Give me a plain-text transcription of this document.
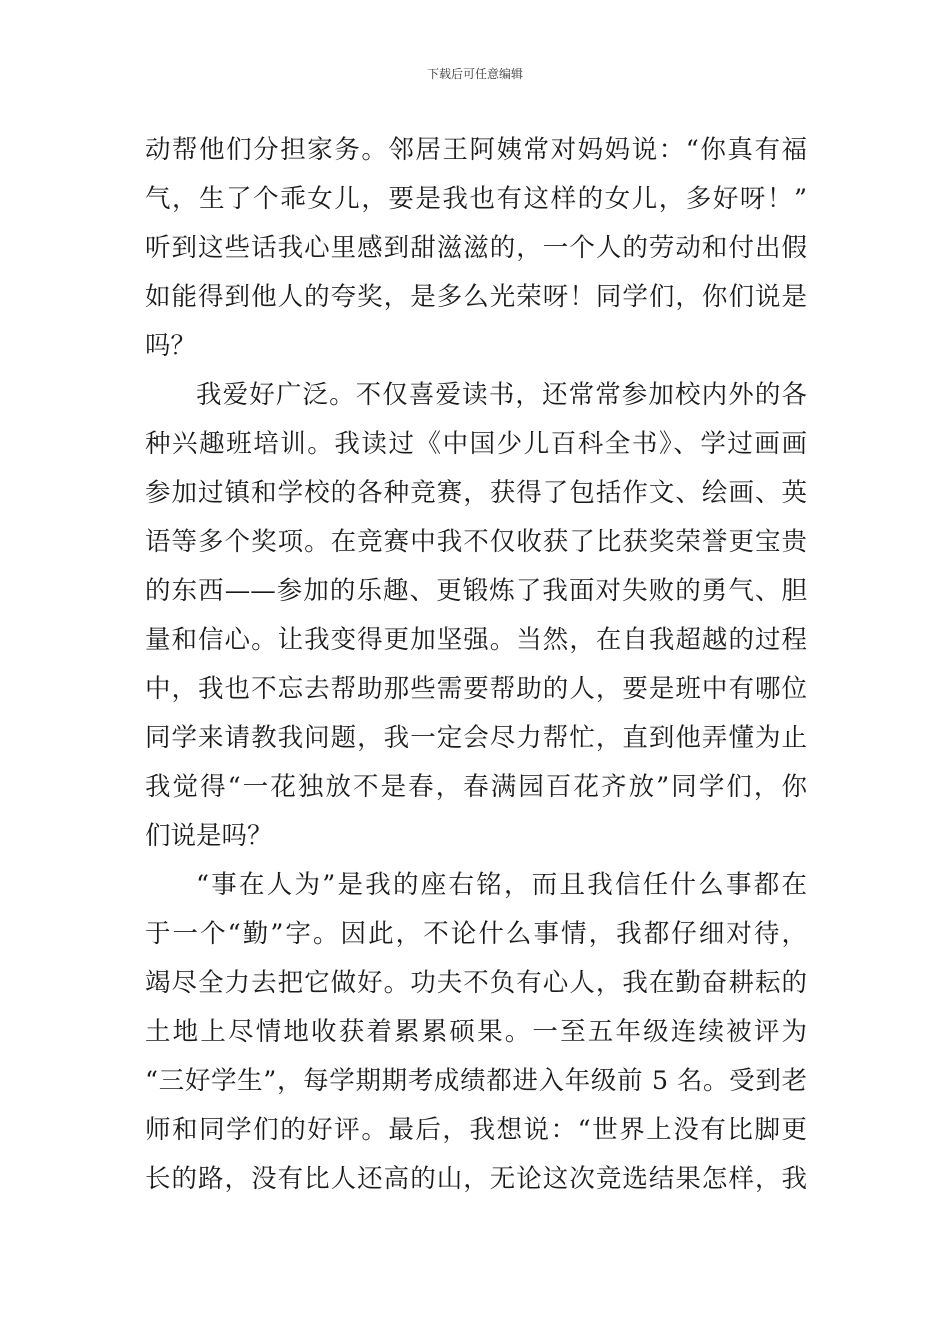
下载后可任意编辑
动帮他们分担家务。邻居王阿姨常对妈妈说：“你真有福
气，生了个乖女儿，要是我也有这样的女儿，多好呀！”
听到这些话我心里感到甜滋滋的，一个人的劳动和付出假
如能得到他人的夸奖，是多么光荣呀！同学们，你们说是
吗？
我爱好广泛。不仅喜爱读书，还常常参加校内外的各
种兴趣班培训。我读过《中国少儿百科全书》、学过画画
参加过镇和学校的各种竞赛，获得了包括作文、绘画、英
语等多个奖项。在竞赛中我不仅收获了比获奖荣誉更宝贵
的东西——参加的乐趣、更锻炼了我面对失败的勇气、胆
量和信心。让我变得更加坚强。当然，在自我超越的过程
中，我也不忘去帮助那些需要帮助的人，要是班中有哪位
同学来请教我问题，我一定会尽力帮忙，直到他弄懂为止
我觉得“一花独放不是春，春满园百花齐放”同学们，你
们说是吗？
“事在人为”是我的座右铭，而且我信任什么事都在
于一个“勤”字。因此，不论什么事情，我都仔细对待，
竭尽全力去把它做好。功夫不负有心人，我在勤奋耕耘的
土地上尽情地收获着累累硕果。一至五年级连续被评为
“三好学生”，每学期期考成绩都进入年级前 5 名。受到老
师和同学们的好评。最后，我想说：“世界上没有比脚更
长的路，没有比人还高的山，无论这次竞选结果怎样，我
